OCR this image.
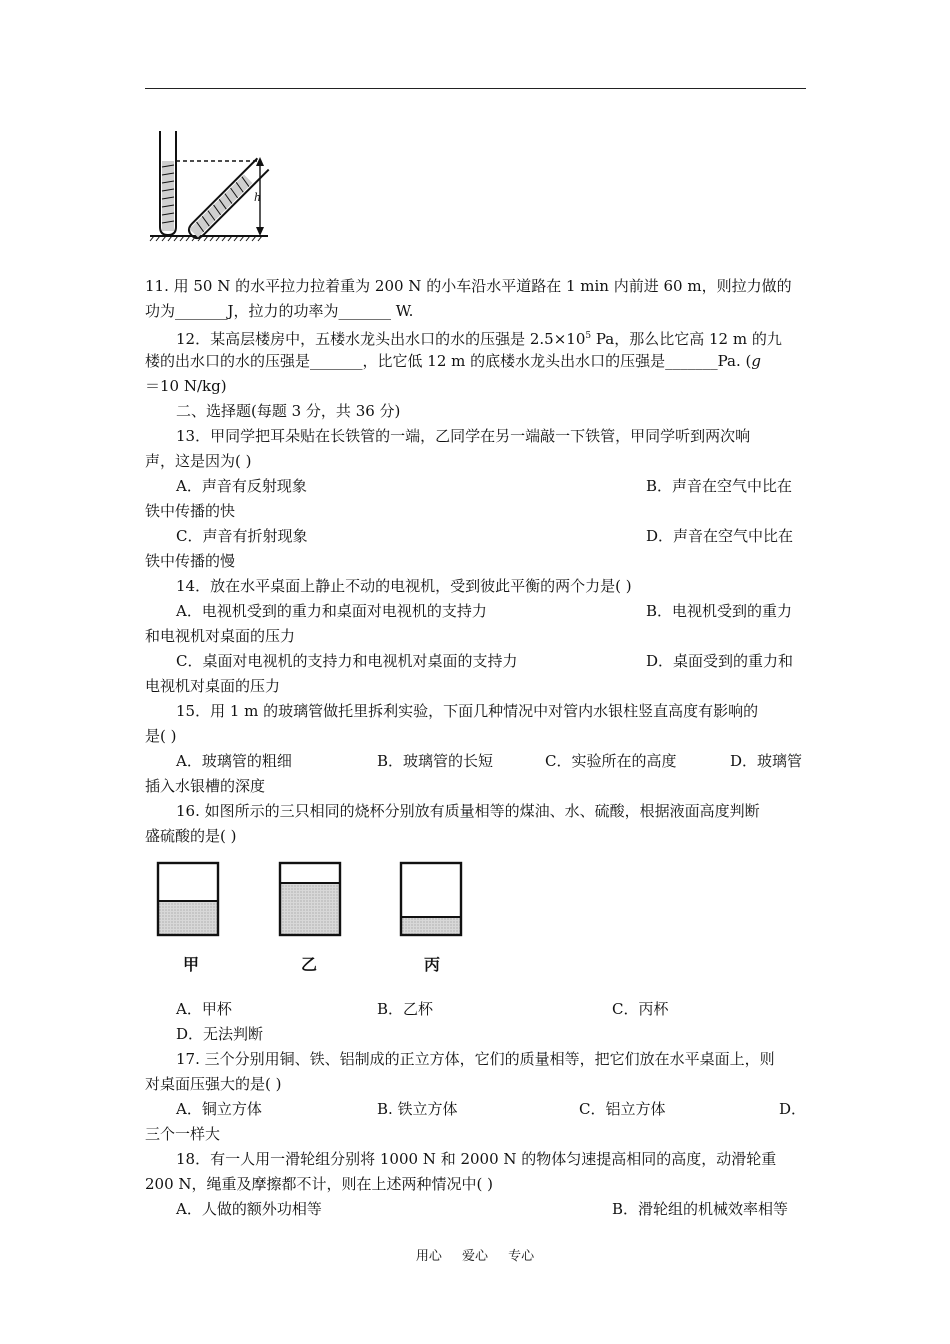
h
11. 用 50 N 的水平拉力拉着重为 200 N 的小车沿水平道路在 1 min 内前进 60 m，则拉力做的
功为_______J，拉力的功率为_______ W.
12．某高层楼房中，五楼水龙头出水口的水的压强是 $2.5\times 10^5$ Pa，那么比它高 12 m 的九
楼的出水口的水的压强是_______，比它低 12 m 的底楼水龙头出水口的压强是_______Pa. (g
＝10 N/kg)
二、选择题(每题 3 分，共 36 分)
13．甲同学把耳朵贴在长铁管的一端，乙同学在另一端敲一下铁管，甲同学听到两次响
声，这是因为( )
A．声音有反射现象	B．声音在空气中比在
铁中传播的快
C．声音有折射现象	D．声音在空气中比在
铁中传播的慢
14．放在水平桌面上静止不动的电视机，受到彼此平衡的两个力是( )
A．电视机受到的重力和桌面对电视机的支持力	B．电视机受到的重力
和电视机对桌面的压力
C．桌面对电视机的支持力和电视机对桌面的支持力	D．桌面受到的重力和
电视机对桌面的压力
15．用 1 m 的玻璃管做托里拆利实验，下面几种情况中对管内水银柱竖直高度有影响的
是( )
A．玻璃管的粗细	B．玻璃管的长短	C．实验所在的高度	D．玻璃管
插入水银槽的深度
16. 如图所示的三只相同的烧杯分别放有质量相等的煤油、水、硫酸，根据液面高度判断
盛硫酸的是( )
A．甲杯	B．乙杯	C．丙杯
D．无法判断
17. 三个分别用铜、铁、铝制成的正立方体，它们的质量相等，把它们放在水平桌面上，则
对桌面压强大的是( )
A．铜立方体	B. 铁立方体	C．铝立方体	D．
三个一样大
18．有一人用一滑轮组分别将 1000 N 和 2000 N 的物体匀速提高相同的高度，动滑轮重
200 N，绳重及摩擦都不计，则在上述两种情况中( )
A．人做的额外功相等	B．滑轮组的机械效率相等
甲	乙	丙
用心 爱心 专心
